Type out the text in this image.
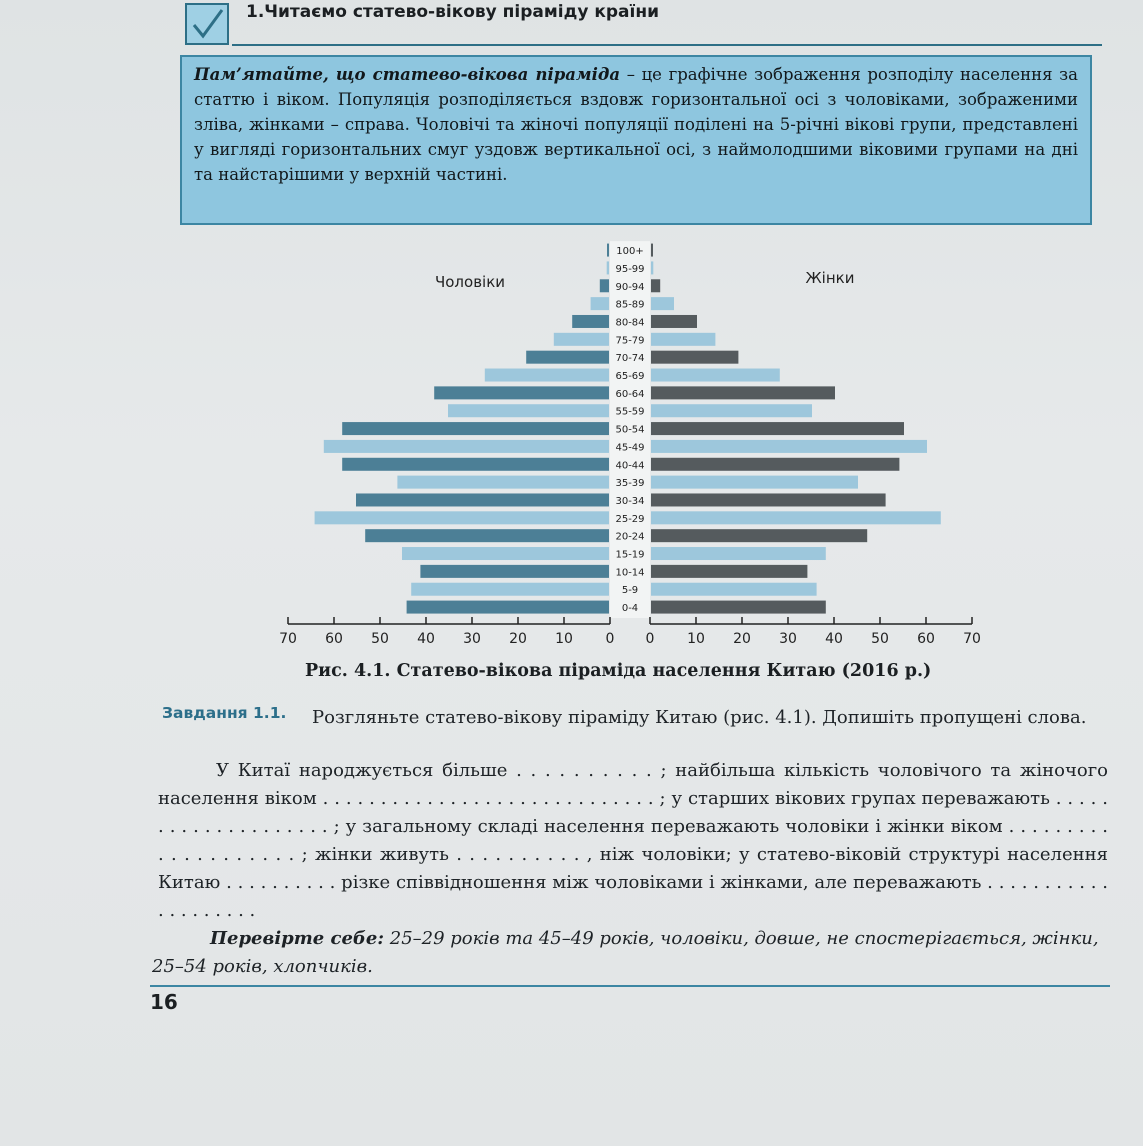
1.Читаємо статево-вікову піраміду країни
Пам’ятайте, що статево-вікова піраміда – це графічне зображення розподілу населення за статтю і віком. Популяція розподіляється вздовж горизонтальної осі з чоловіками, зображеними зліва, жінками – справа. Чоловічі та жіночі популяції поділені на 5-річні вікові групи, представлені у вигляді горизонтальних смуг уздовж вертикальної осі, з наймолодшими віковими групами на дні та найстарішими у верхній частині.
Чоловіки	Жінки
0-4
5-9
10-14
15-19
20-24
25-29
30-34
35-39
40-44
45-49
50-54
55-59
60-64
65-69
70-74
75-79
80-84
85-89
90-94
95-99
100+
70	70
60	60
50	50
40	40
30	30
20	20
10	10
0 0
Рис. 4.1. Статево-вікова піраміда населення Китаю (2016 р.)
Завдання 1.1. Розгляньте статево-вікову піраміду Китаю (рис. 4.1). Допишіть пропущені слова.

У Китаї народжується більше . . . . . . . . . . ; найбільша кількість чоловічого та жіночого населення віком . . . . . . . . . . . . . . . . . . . . . . . . . . . . . ; у старших вікових групах переважають . . . . . . . . . . . . . . . . . . . . ; у загальному складі населення переважають чоловіки і жінки віком . . . . . . . . . . . . . . . . . . . . ; жінки живуть . . . . . . . . . . , ніж чоловіки; у статево-віковій структурі населення Китаю . . . . . . . . . . різке співвідношення між чоловіками і жінками, але переважають . . . . . . . . . . . . . . . . . . . .

Перевірте себе: 25–29 років та 45–49 років, чоловіки, довше, не спостерігається, жінки, 25–54 років, хлопчиків.
16
